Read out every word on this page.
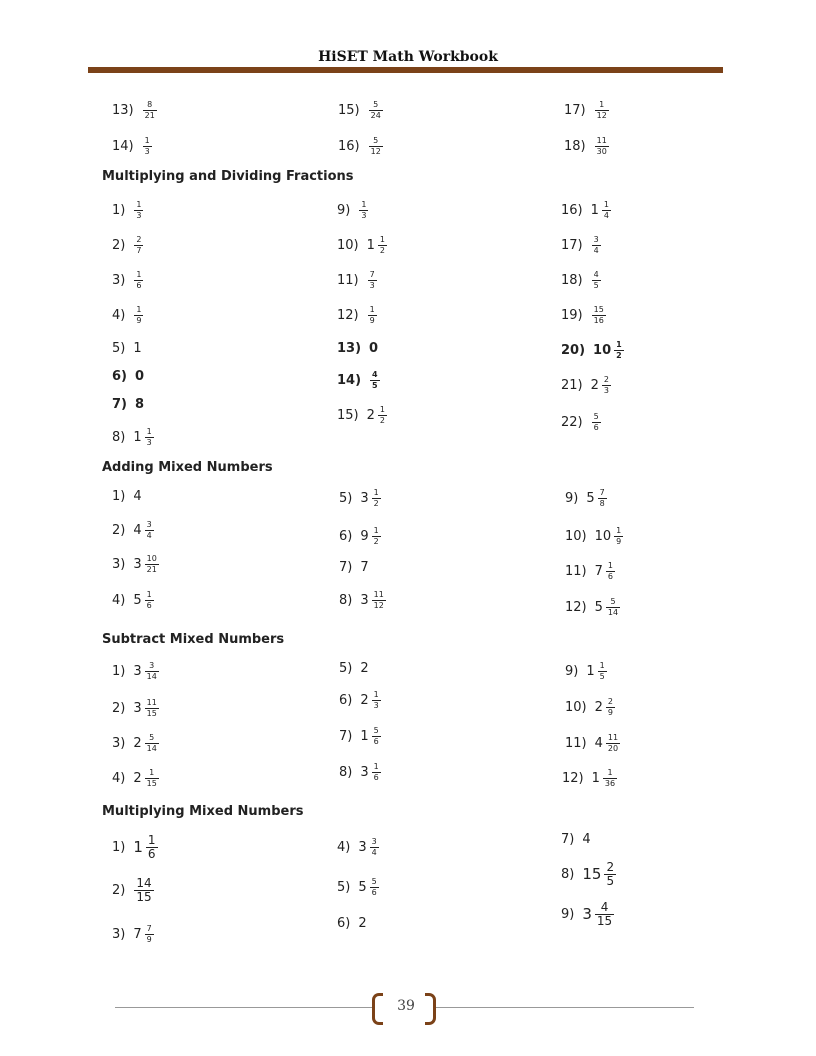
HiSET Math Workbook
Multiplying and Dividing Fractions
Adding Mixed Numbers
Subtract Mixed Numbers
Multiplying Mixed Numbers
$13) \frac{8}{21}$
$14) \frac{1}{3}$
$15) \frac{5}{24}$
$16) \frac{5}{12}$
$17) \frac{1}{12}$
$18) \frac{11}{30}$
$1) \frac{1}{3}$
$2) \frac{2}{7}$
$3) \frac{1}{6}$
$4) \frac{1}{9}$
5) 1
6) 0
7) 8
8) $1 \frac{1}{3}$
$9) \frac{1}{3}$
10) $1 \frac{1}{2}$
$11) \frac{7}{3}$
$12) \frac{1}{9}$
13) 0
$14) \frac{4}{5}$
15) $2 \frac{1}{2}$
16) $1 \frac{1}{4}$
$17) \frac{3}{4}$
$18) \frac{4}{5}$
$19) \frac{15}{16}$
20) $10 \frac{1}{2}$
21) $2 \frac{2}{3}$
$22) \frac{5}{6}$
1) 4
2) $4 \frac{3}{4}$
3) $3 \frac{10}{21}$
4) $5 \frac{1}{6}$
5) $3 \frac{1}{2}$
6) $9 \frac{1}{2}$
7) 7
8) $3 \frac{11}{12}$
9) $5 \frac{7}{8}$
10) $10 \frac{1}{9}$
11) $7 \frac{1}{6}$
12) $5 \frac{5}{14}$
1) $3 \frac{3}{14}$
2) $3 \frac{11}{15}$
3) $2 \frac{5}{14}$
4) $2 \frac{1}{15}$
5) 2
6) $2 \frac{1}{3}$
7) $1 \frac{5}{6}$
8) $3 \frac{1}{6}$
9) $1 \frac{1}{5}$
10) $2 \frac{2}{9}$
11) $4 \frac{11}{20}$
12) $1 \frac{1}{36}$
1) $1 \frac{1}{6}$
$2) \frac{14}{15}$
3) $7 \frac{7}{9}$
4) $3 \frac{3}{4}$
5) $5 \frac{5}{6}$
6) 2
7) 4
8) $15 \frac{2}{5}$
9) $3 \frac{4}{15}$
39
